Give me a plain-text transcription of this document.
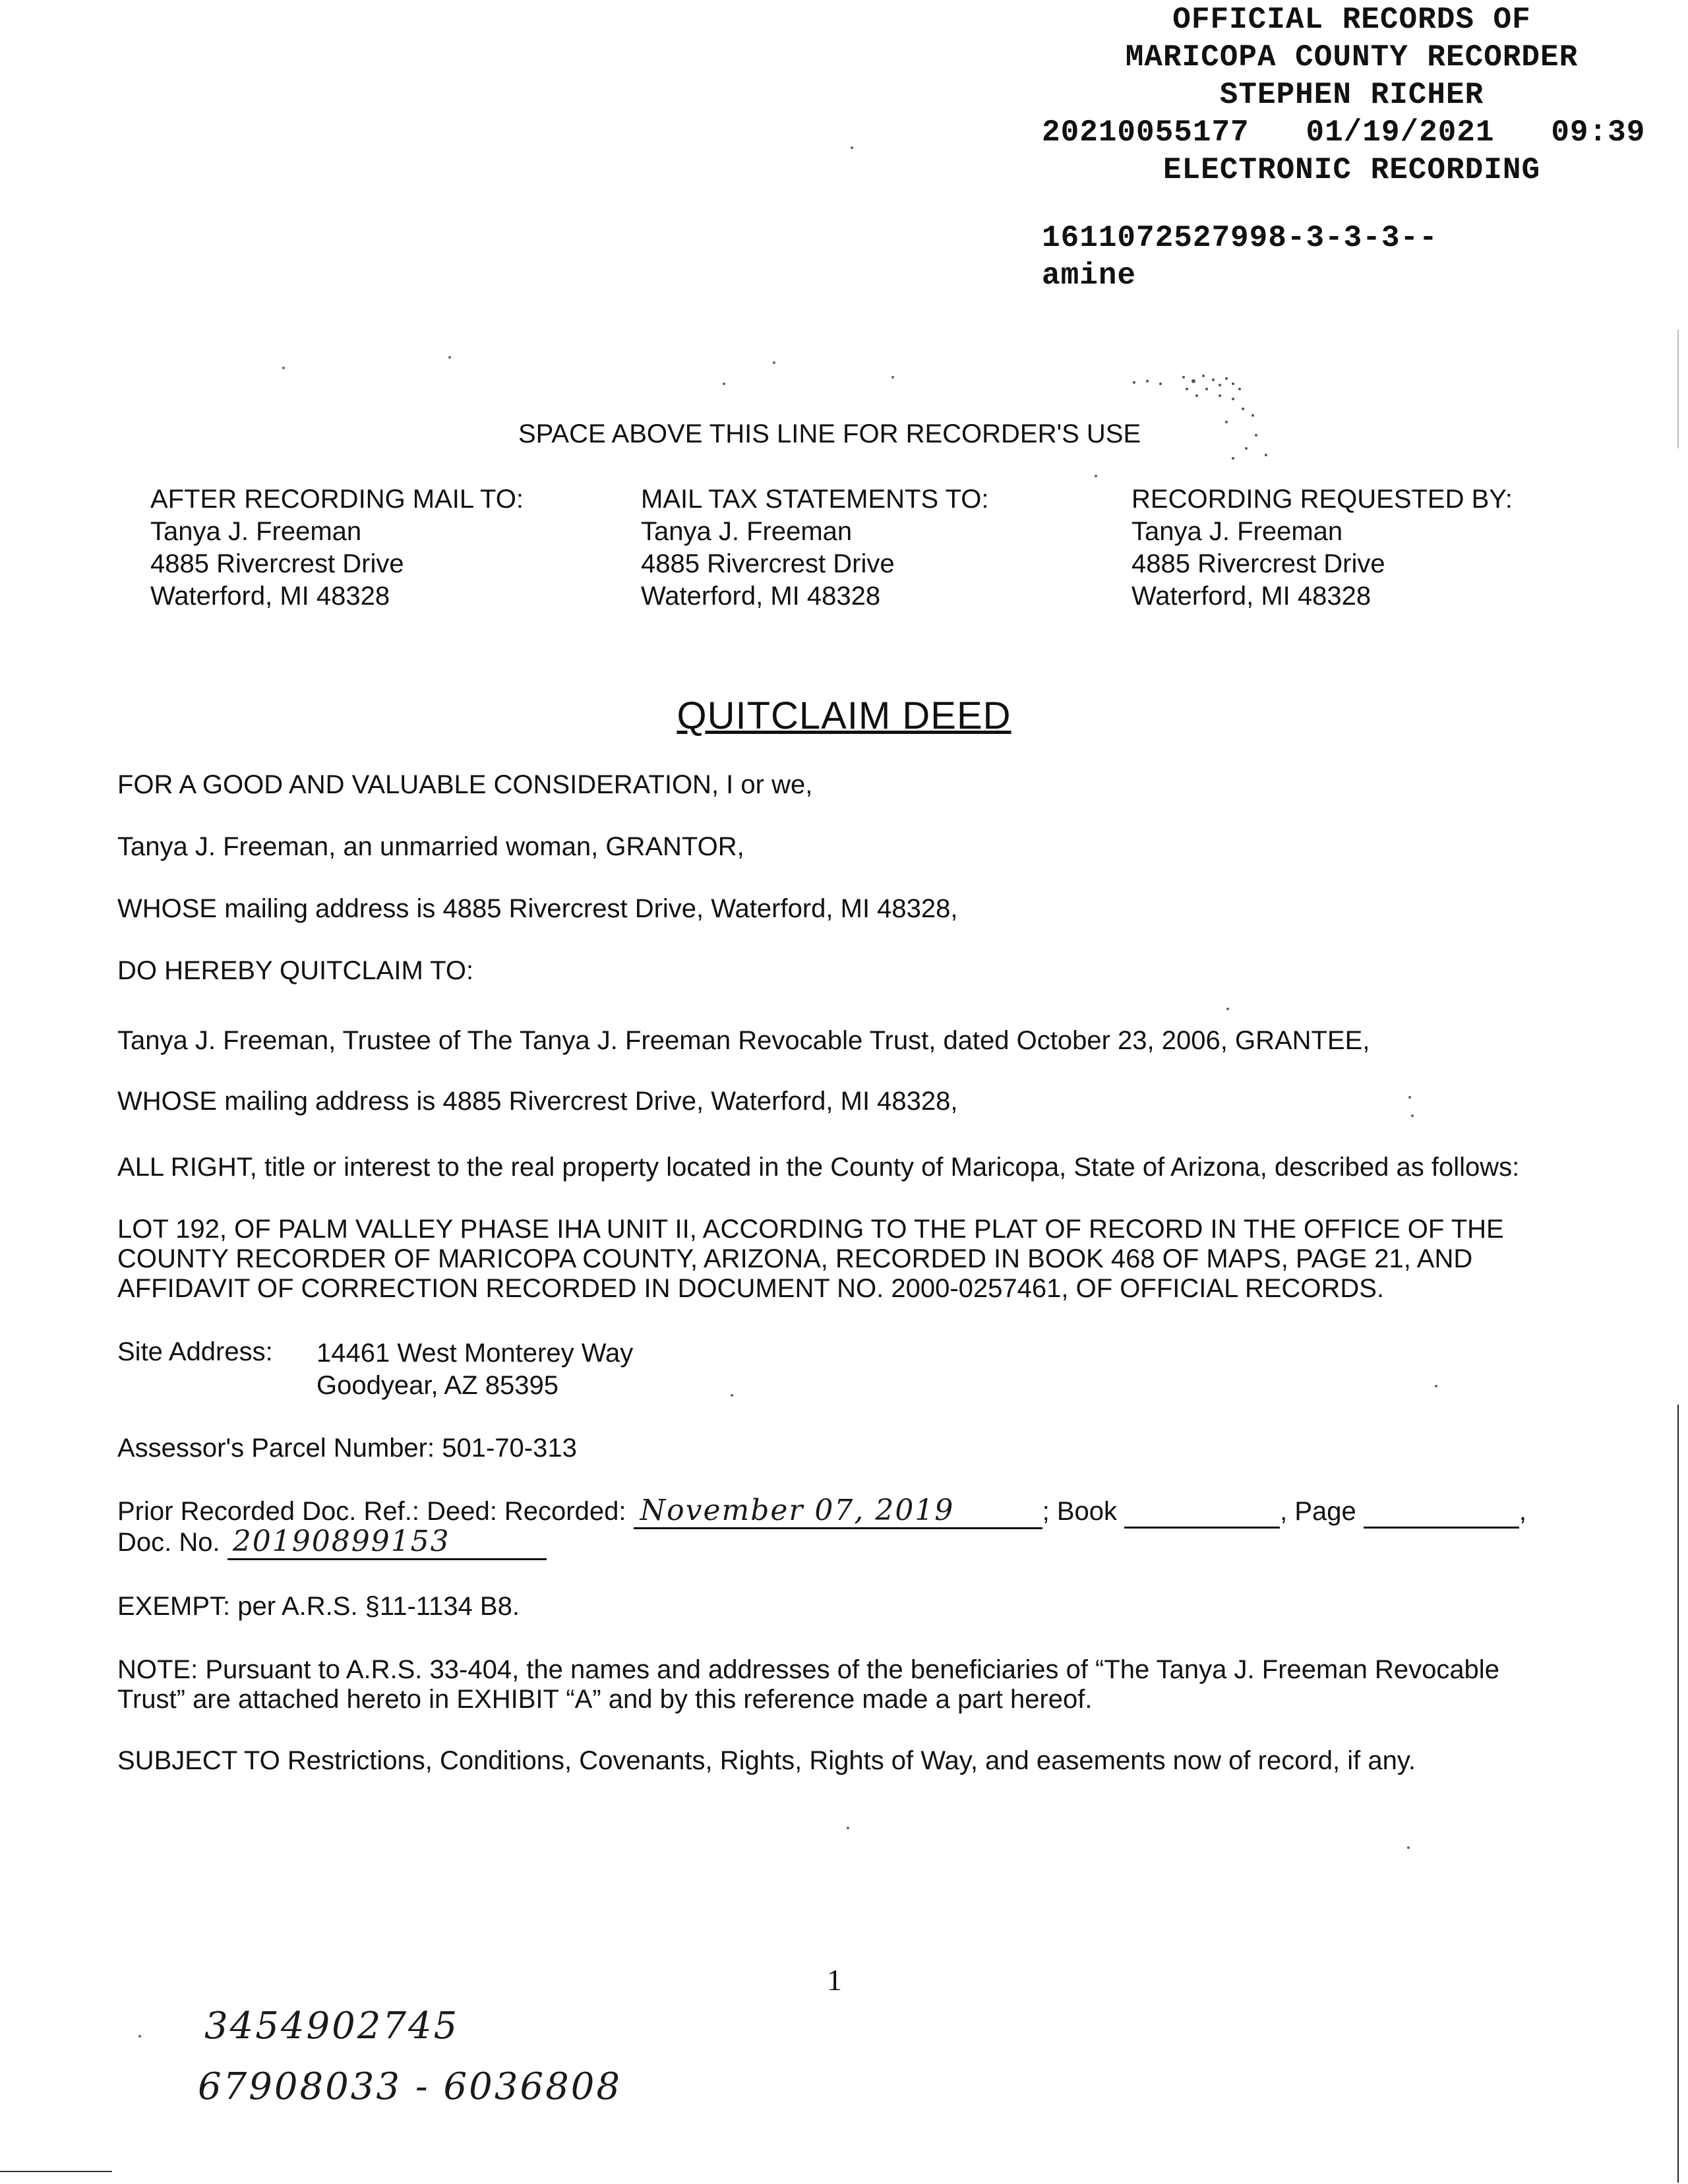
OFFICIAL RECORDS OF
MARICOPA COUNTY RECORDER
STEPHEN RICHER
20210055177   01/19/2021   09:39
ELECTRONIC RECORDING
1611072527998-3-3-3--
amine
SPACE ABOVE THIS LINE FOR RECORDER'S USE
AFTER RECORDING MAIL TO:
Tanya J. Freeman
4885 Rivercrest Drive
Waterford, MI 48328
MAIL TAX STATEMENTS TO:
Tanya J. Freeman
4885 Rivercrest Drive
Waterford, MI 48328
RECORDING REQUESTED BY:
Tanya J. Freeman
4885 Rivercrest Drive
Waterford, MI 48328
QUITCLAIM DEED
FOR A GOOD AND VALUABLE CONSIDERATION, I or we,
Tanya J. Freeman, an unmarried woman, GRANTOR,
WHOSE mailing address is 4885 Rivercrest Drive, Waterford, MI 48328,
DO HEREBY QUITCLAIM TO:
Tanya J. Freeman, Trustee of The Tanya J. Freeman Revocable Trust, dated October 23, 2006, GRANTEE,
WHOSE mailing address is 4885 Rivercrest Drive, Waterford, MI 48328,
ALL RIGHT, title or interest to the real property located in the County of Maricopa, State of Arizona, described as follows:
LOT 192, OF PALM VALLEY PHASE IHA UNIT II, ACCORDING TO THE PLAT OF RECORD IN THE OFFICE OF THE
COUNTY RECORDER OF MARICOPA COUNTY, ARIZONA, RECORDED IN BOOK 468 OF MAPS, PAGE 21, AND
AFFIDAVIT OF CORRECTION RECORDED IN DOCUMENT NO. 2000-0257461, OF OFFICIAL RECORDS.
Site Address: 14461 West Monterey Way
Goodyear, AZ 85395
Assessor's Parcel Number: 501-70-313
Prior Recorded Doc. Ref.: Deed: Recorded: November 07, 2019	; Book	, Page	,
Doc. No. 20190899153
EXEMPT: per A.R.S. §11-1134 B8.
NOTE: Pursuant to A.R.S. 33-404, the names and addresses of the beneficiaries of “The Tanya J. Freeman Revocable
Trust” are attached hereto in EXHIBIT “A” and by this reference made a part hereof.
SUBJECT TO Restrictions, Conditions, Covenants, Rights, Rights of Way, and easements now of record, if any.
1
3454902745
67908033 - 6036808
